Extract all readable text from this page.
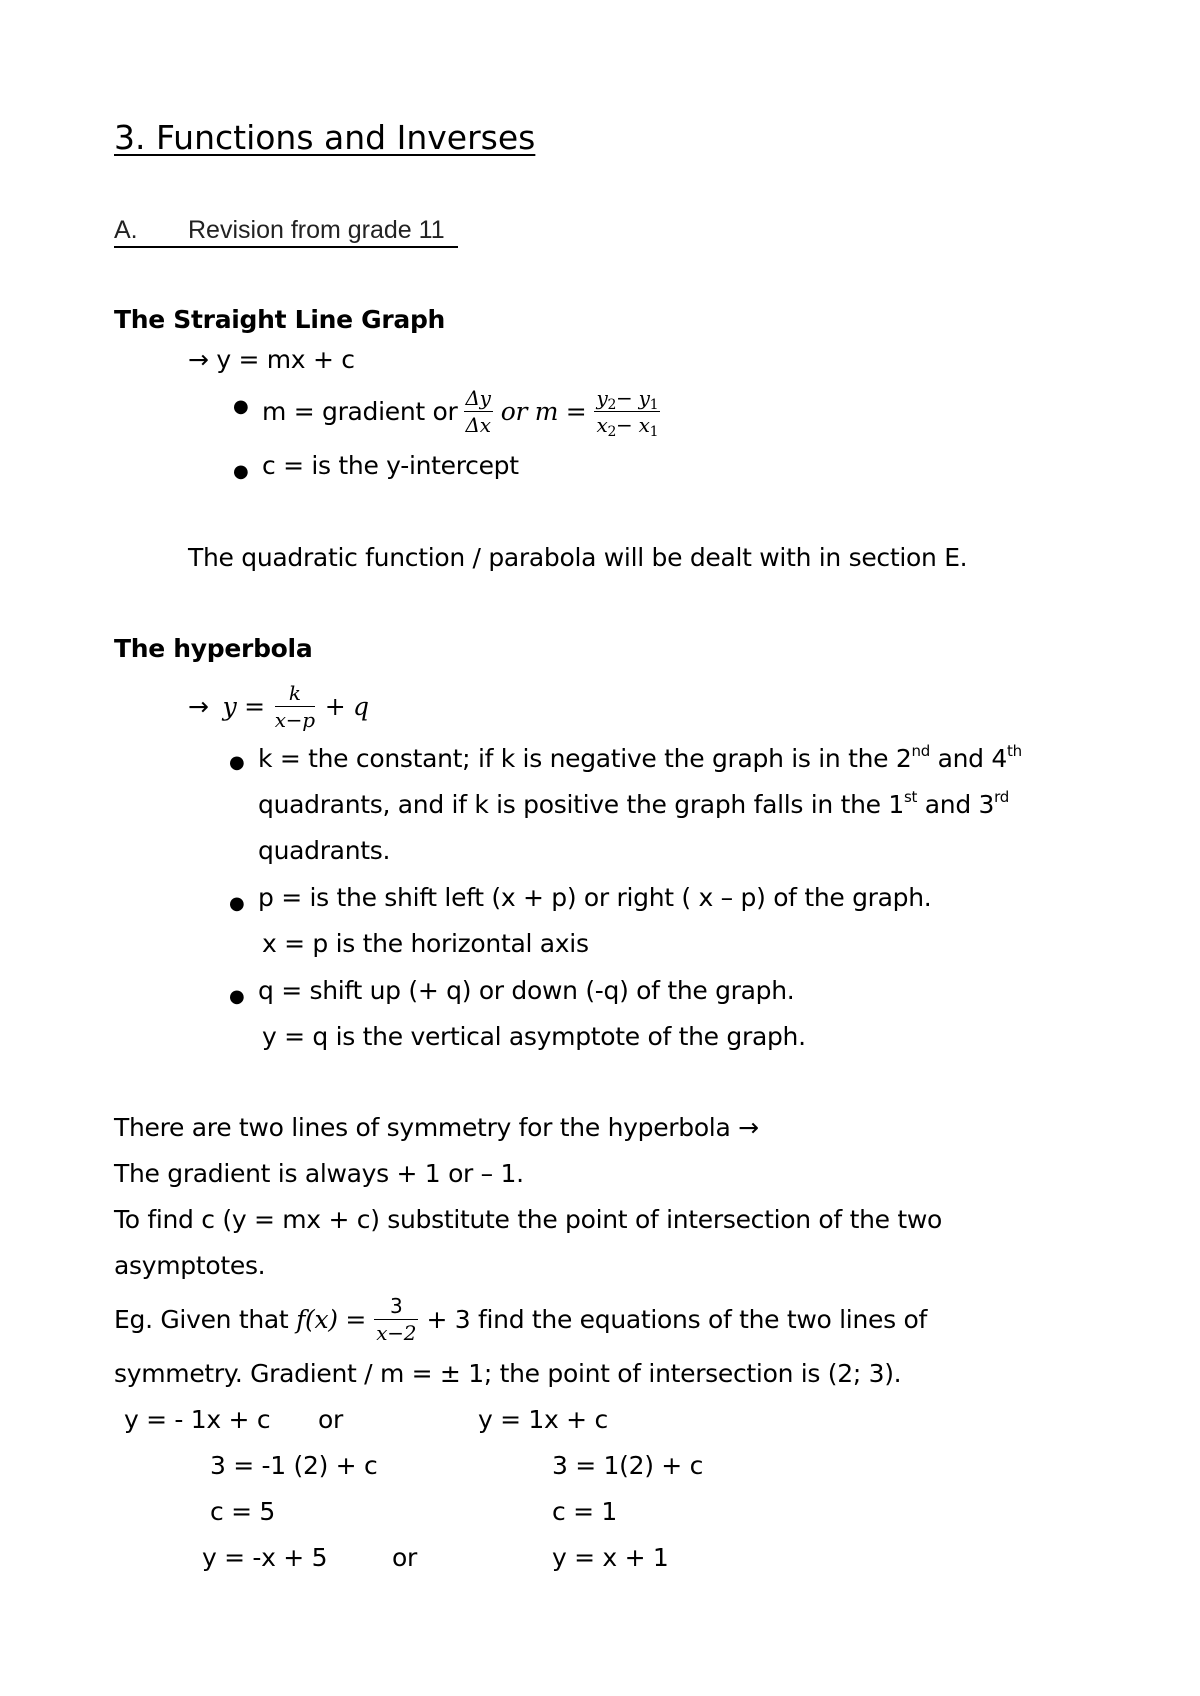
3. Functions and Inverses
A. Revision from grade 11
The Straight Line Graph
→ y = mx + c
● m = gradient or $\frac{\Delta y}{\Delta x}$ or $m = \frac{y_2- y_1}{x_2- x_1}$
● c = is the y-intercept
The quadratic function / parabola will be dealt with in section E.
The hyperbola
→ $y = \frac{k}{x-p} + q$
● k = the constant; if k is negative the graph is in the 2nd and 4th
quadrants, and if k is positive the graph falls in the 1st and 3rd
quadrants.
● p = is the shift left (x + p) or right ( x – p) of the graph.
x = p is the horizontal axis
● q = shift up (+ q) or down (-q) of the graph.
y = q is the vertical asymptote of the graph.
There are two lines of symmetry for the hyperbola →
The gradient is always + 1 or – 1.
To find c (y = mx + c) substitute the point of intersection of the two
asymptotes.
Eg. Given that $f(x) = \frac{3}{x-2} + 3$ find the equations of the two lines of
symmetry. Gradient / m = ± 1; the point of intersection is (2; 3).
y = - 1x + c or	y = 1x + c
3 = -1 (2) + c	3 = 1(2) + c
c = 5	c = 1
y = -x + 5	or	y = x + 1
